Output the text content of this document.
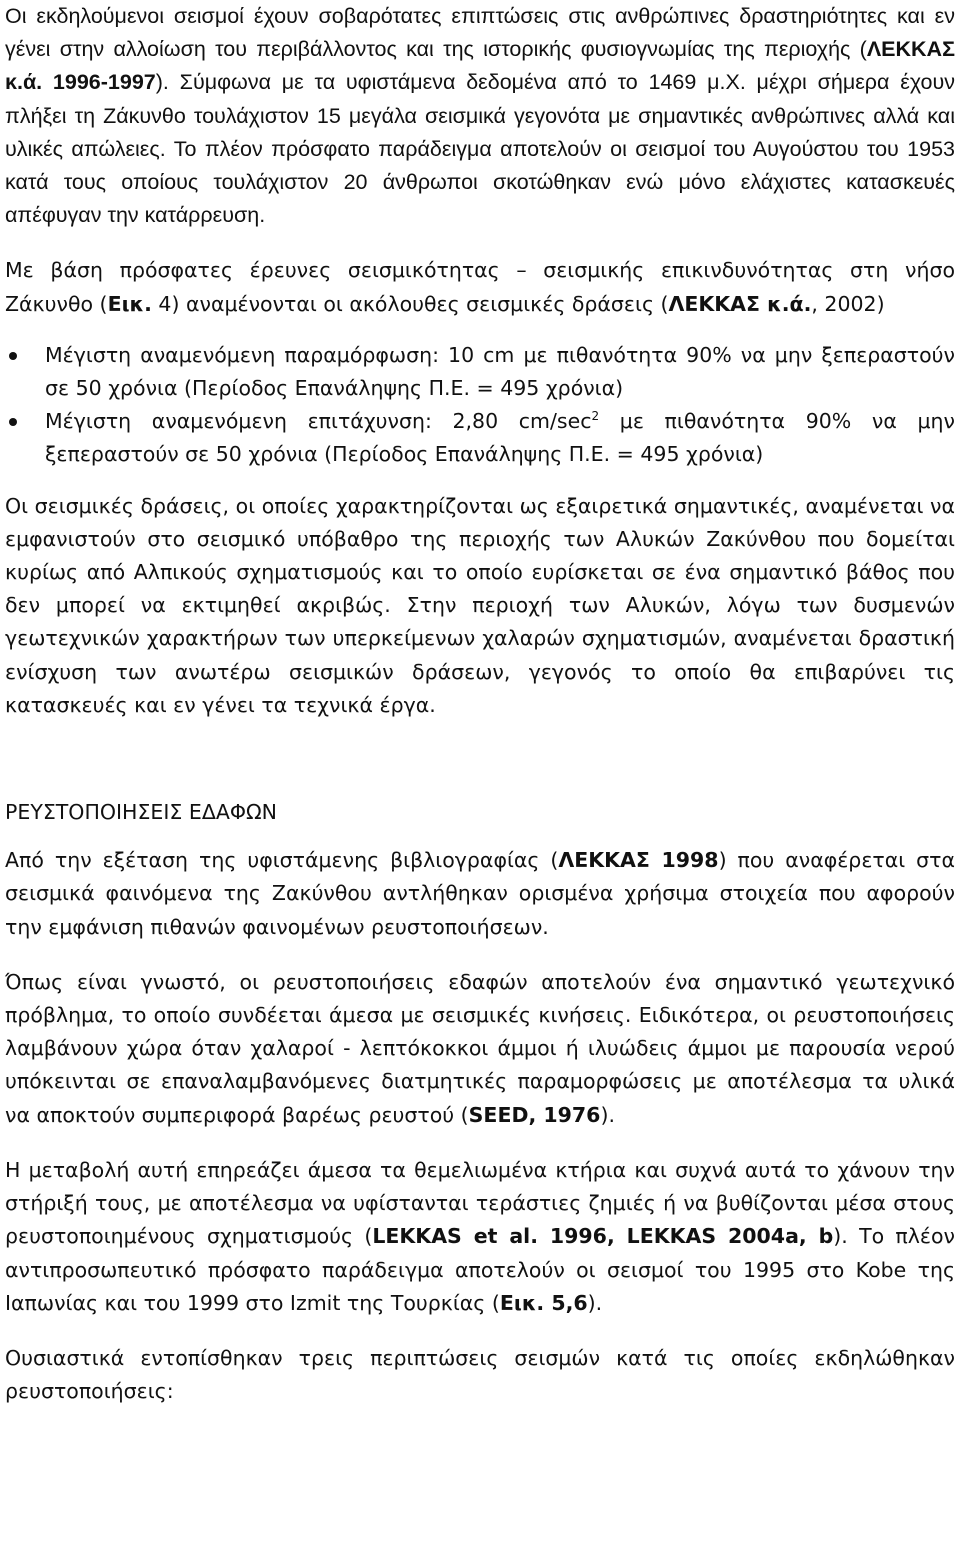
Οι εκδηλούμενοι σεισμοί έχουν σοβαρότατες επιπτώσεις στις ανθρώπινες δραστηριότητες και εν γένει στην αλλοίωση του περιβάλλοντος και της ιστορικής φυσιογνωμίας της περιοχής (ΛΕΚΚΑΣ κ.ά. 1996-1997). Σύμφωνα με τα υφιστάμενα δεδομένα από το 1469 μ.Χ. μέχρι σήμερα έχουν πλήξει τη Ζάκυνθο τουλάχιστον 15 μεγάλα σεισμικά γεγονότα με σημαντικές ανθρώπινες αλλά και υλικές απώλειες. Το πλέον πρόσφατο παράδειγμα αποτελούν οι σεισμοί του Αυγούστου του 1953 κατά τους οποίους τουλάχιστον 20 άνθρωποι σκοτώθηκαν ενώ μόνο ελάχιστες κατασκευές απέφυγαν την κατάρρευση.

Με βάση πρόσφατες έρευνες σεισμικότητας – σεισμικής επικινδυνότητας στη νήσο Ζάκυνθο (Εικ. 4) αναμένονται οι ακόλουθες σεισμικές δράσεις (ΛΕΚΚΑΣ κ.ά., 2002)

Μέγιστη αναμενόμενη παραμόρφωση: 10 cm με πιθανότητα 90% να μην ξεπεραστούν σε 50 χρόνια (Περίοδος Επανάληψης Π.Ε. = 495 χρόνια)
Μέγιστη αναμενόμενη επιτάχυνση: 2,80 $cm/\sec^2$ με πιθανότητα 90% να μην ξεπεραστούν σε 50 χρόνια (Περίοδος Επανάληψης Π.Ε. = 495 χρόνια)

Οι σεισμικές δράσεις, οι οποίες χαρακτηρίζονται ως εξαιρετικά σημαντικές, αναμένεται να εμφανιστούν στο σεισμικό υπόβαθρο της περιοχής των Αλυκών Ζακύνθου που δομείται κυρίως από Αλπικούς σχηματισμούς και το οποίο ευρίσκεται σε ένα σημαντικό βάθος που δεν μπορεί να εκτιμηθεί ακριβώς. Στην περιοχή των Αλυκών, λόγω των δυσμενών γεωτεχνικών χαρακτήρων των υπερκείμενων χαλαρών σχηματισμών, αναμένεται δραστική ενίσχυση των ανωτέρω σεισμικών δράσεων, γεγονός το οποίο θα επιβαρύνει τις κατασκευές και εν γένει τα τεχνικά έργα.

ΡΕΥΣΤΟΠΟΙΗΣΕΙΣ ΕΔΑΦΩΝ

Από την εξέταση της υφιστάμενης βιβλιογραφίας (ΛΕΚΚΑΣ 1998) που αναφέρεται στα σεισμικά φαινόμενα της Ζακύνθου αντλήθηκαν ορισμένα χρήσιμα στοιχεία που αφορούν την εμφάνιση πιθανών φαινομένων ρευστοποιήσεων.

Όπως είναι γνωστό, οι ρευστοποιήσεις εδαφών αποτελούν ένα σημαντικό γεωτεχνικό πρόβλημα, το οποίο συνδέεται άμεσα με σεισμικές κινήσεις. Ειδικότερα, οι ρευστοποιήσεις λαμβάνουν χώρα όταν χαλαροί - λεπτόκοκκοι άμμοι ή ιλυώδεις άμμοι με παρουσία νερού υπόκεινται σε επαναλαμβανόμενες διατμητικές παραμορφώσεις με αποτέλεσμα τα υλικά να αποκτούν συμπεριφορά βαρέως ρευστού (SEED, 1976).

Η μεταβολή αυτή επηρεάζει άμεσα τα θεμελιωμένα κτήρια και συχνά αυτά το χάνουν την στήριξή τους, με αποτέλεσμα να υφίστανται τεράστιες ζημιές ή να βυθίζονται μέσα στους ρευστοποιημένους σχηματισμούς (LEKKAS et al. 1996, LEKKAS 2004a, b). Το πλέον αντιπροσωπευτικό πρόσφατο παράδειγμα αποτελούν οι σεισμοί του 1995 στο Kobe της Ιαπωνίας και του 1999 στο Izmit της Τουρκίας (Εικ. 5,6).

Ουσιαστικά εντοπίσθηκαν τρεις περιπτώσεις σεισμών κατά τις οποίες εκδηλώθηκαν ρευστοποιήσεις:
